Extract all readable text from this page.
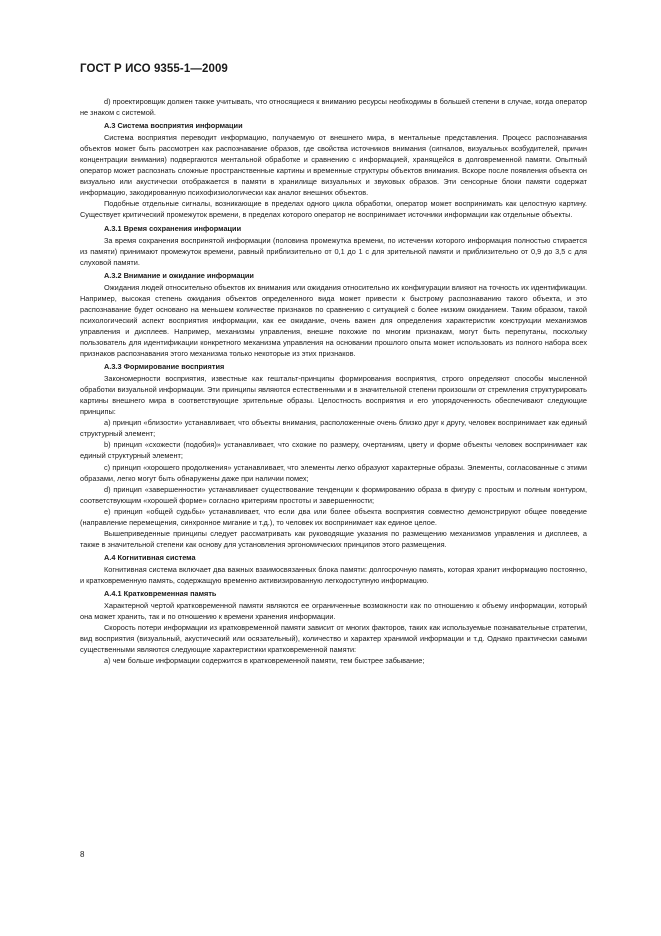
ГОСТ Р ИСО 9355-1—2009

d) проектировщик должен также учитывать, что относящиеся к вниманию ресурсы необходимы в большей степени в случае, когда оператор не знаком с системой.

А.3 Система восприятия информации

Система восприятия переводит информацию, получаемую от внешнего мира, в ментальные представления. Процесс распознавания объектов может быть рассмотрен как распознавание образов, где свойства источников внимания (сигналов, визуальных возбудителей, причин концентрации внимания) подвергаются ментальной обработке и сравнению с информацией, хранящейся в долговременной памяти. Опытный оператор может распознать сложные пространственные картины и временные структуры объектов внимания. Вскоре после появления объекта он визуально или акустически отображается в памяти в хранилище визуальных и звуковых образов. Эти сенсорные блоки памяти содержат информацию, закодированную психофизиологически как аналог внешних объектов.

Подобные отдельные сигналы, возникающие в пределах одного цикла обработки, оператор может воспринимать как целостную картину. Существует критический промежуток времени, в пределах которого оператор не воспринимает источники информации как отдельные объекты.

А.3.1 Время сохранения информации

За время сохранения воспринятой информации (половина промежутка времени, по истечении которого информация полностью стирается из памяти) принимают промежуток времени, равный приблизительно от 0,1 до 1 с для зрительной памяти и приблизительно от 0,9 до 3,5 с для слуховой памяти.

А.3.2 Внимание и ожидание информации

Ожидания людей относительно объектов их внимания или ожидания относительно их конфигурации влияют на точность их идентификации. Например, высокая степень ожидания объектов определенного вида может привести к быстрому распознаванию такого объекта, и это распознавание будет основано на меньшем количестве признаков по сравнению с ситуацией с более низким ожиданием. Таким образом, такой психологический аспект восприятия информации, как ее ожидание, очень важен для определения характеристик конструкции механизмов управления и дисплеев. Например, механизмы управления, внешне похожие по многим признакам, могут быть перепутаны, поскольку пользователь для идентификации конкретного механизма управления на основании прошлого опыта может использовать из полного набора всех признаков распознавания этого механизма только некоторые из этих признаков.

А.3.3 Формирование восприятия

Закономерности восприятия, известные как гештальт-принципы формирования восприятия, строго определяют способы мысленной обработки визуальной информации. Эти принципы являются естественными и в значительной степени произошли от стремления структурировать картины внешнего мира в соответствующие зрительные образы. Целостность восприятия и его упорядоченность обеспечивают следующие принципы:

a) принцип «близости» устанавливает, что объекты внимания, расположенные очень близко друг к другу, человек воспринимает как единый структурный элемент;

b) принцип «схожести (подобия)» устанавливает, что схожие по размеру, очертаниям, цвету и форме объекты человек воспринимает как единый структурный элемент;

c) принцип «хорошего продолжения» устанавливает, что элементы легко образуют характерные образы. Элементы, согласованные с этими образами, легко могут быть обнаружены даже при наличии помех;

d) принцип «завершенности» устанавливает существование тенденции к формированию образа в фигуру с простым и полным контуром, соответствующим «хорошей форме» согласно критериям простоты и завершенности;

e) принцип «общей судьбы» устанавливает, что если два или более объекта восприятия совместно демонстрируют общее поведение (направление перемещения, синхронное мигание и т.д.), то человек их воспринимает как единое целое.

Вышеприведенные принципы следует рассматривать как руководящие указания по размещению механизмов управления и дисплеев, а также в значительной степени как основу для установления эргономических принципов этого размещения.

А.4 Когнитивная система

Когнитивная система включает два важных взаимосвязанных блока памяти: долгосрочную память, которая хранит информацию постоянно, и кратковременную память, содержащую временно активизированную легкодоступную информацию.

А.4.1 Кратковременная память

Характерной чертой кратковременной памяти являются ее ограниченные возможности как по отношению к объему информации, который она может хранить, так и по отношению к времени хранения информации.

Скорость потери информации из кратковременной памяти зависит от многих факторов, таких как используемые познавательные стратегии, вид восприятия (визуальный, акустический или осязательный), количество и характер хранимой информации и т.д. Однако практически самыми существенными являются следующие характеристики кратковременной памяти:

a) чем больше информации содержится в кратковременной памяти, тем быстрее забывание;

8
